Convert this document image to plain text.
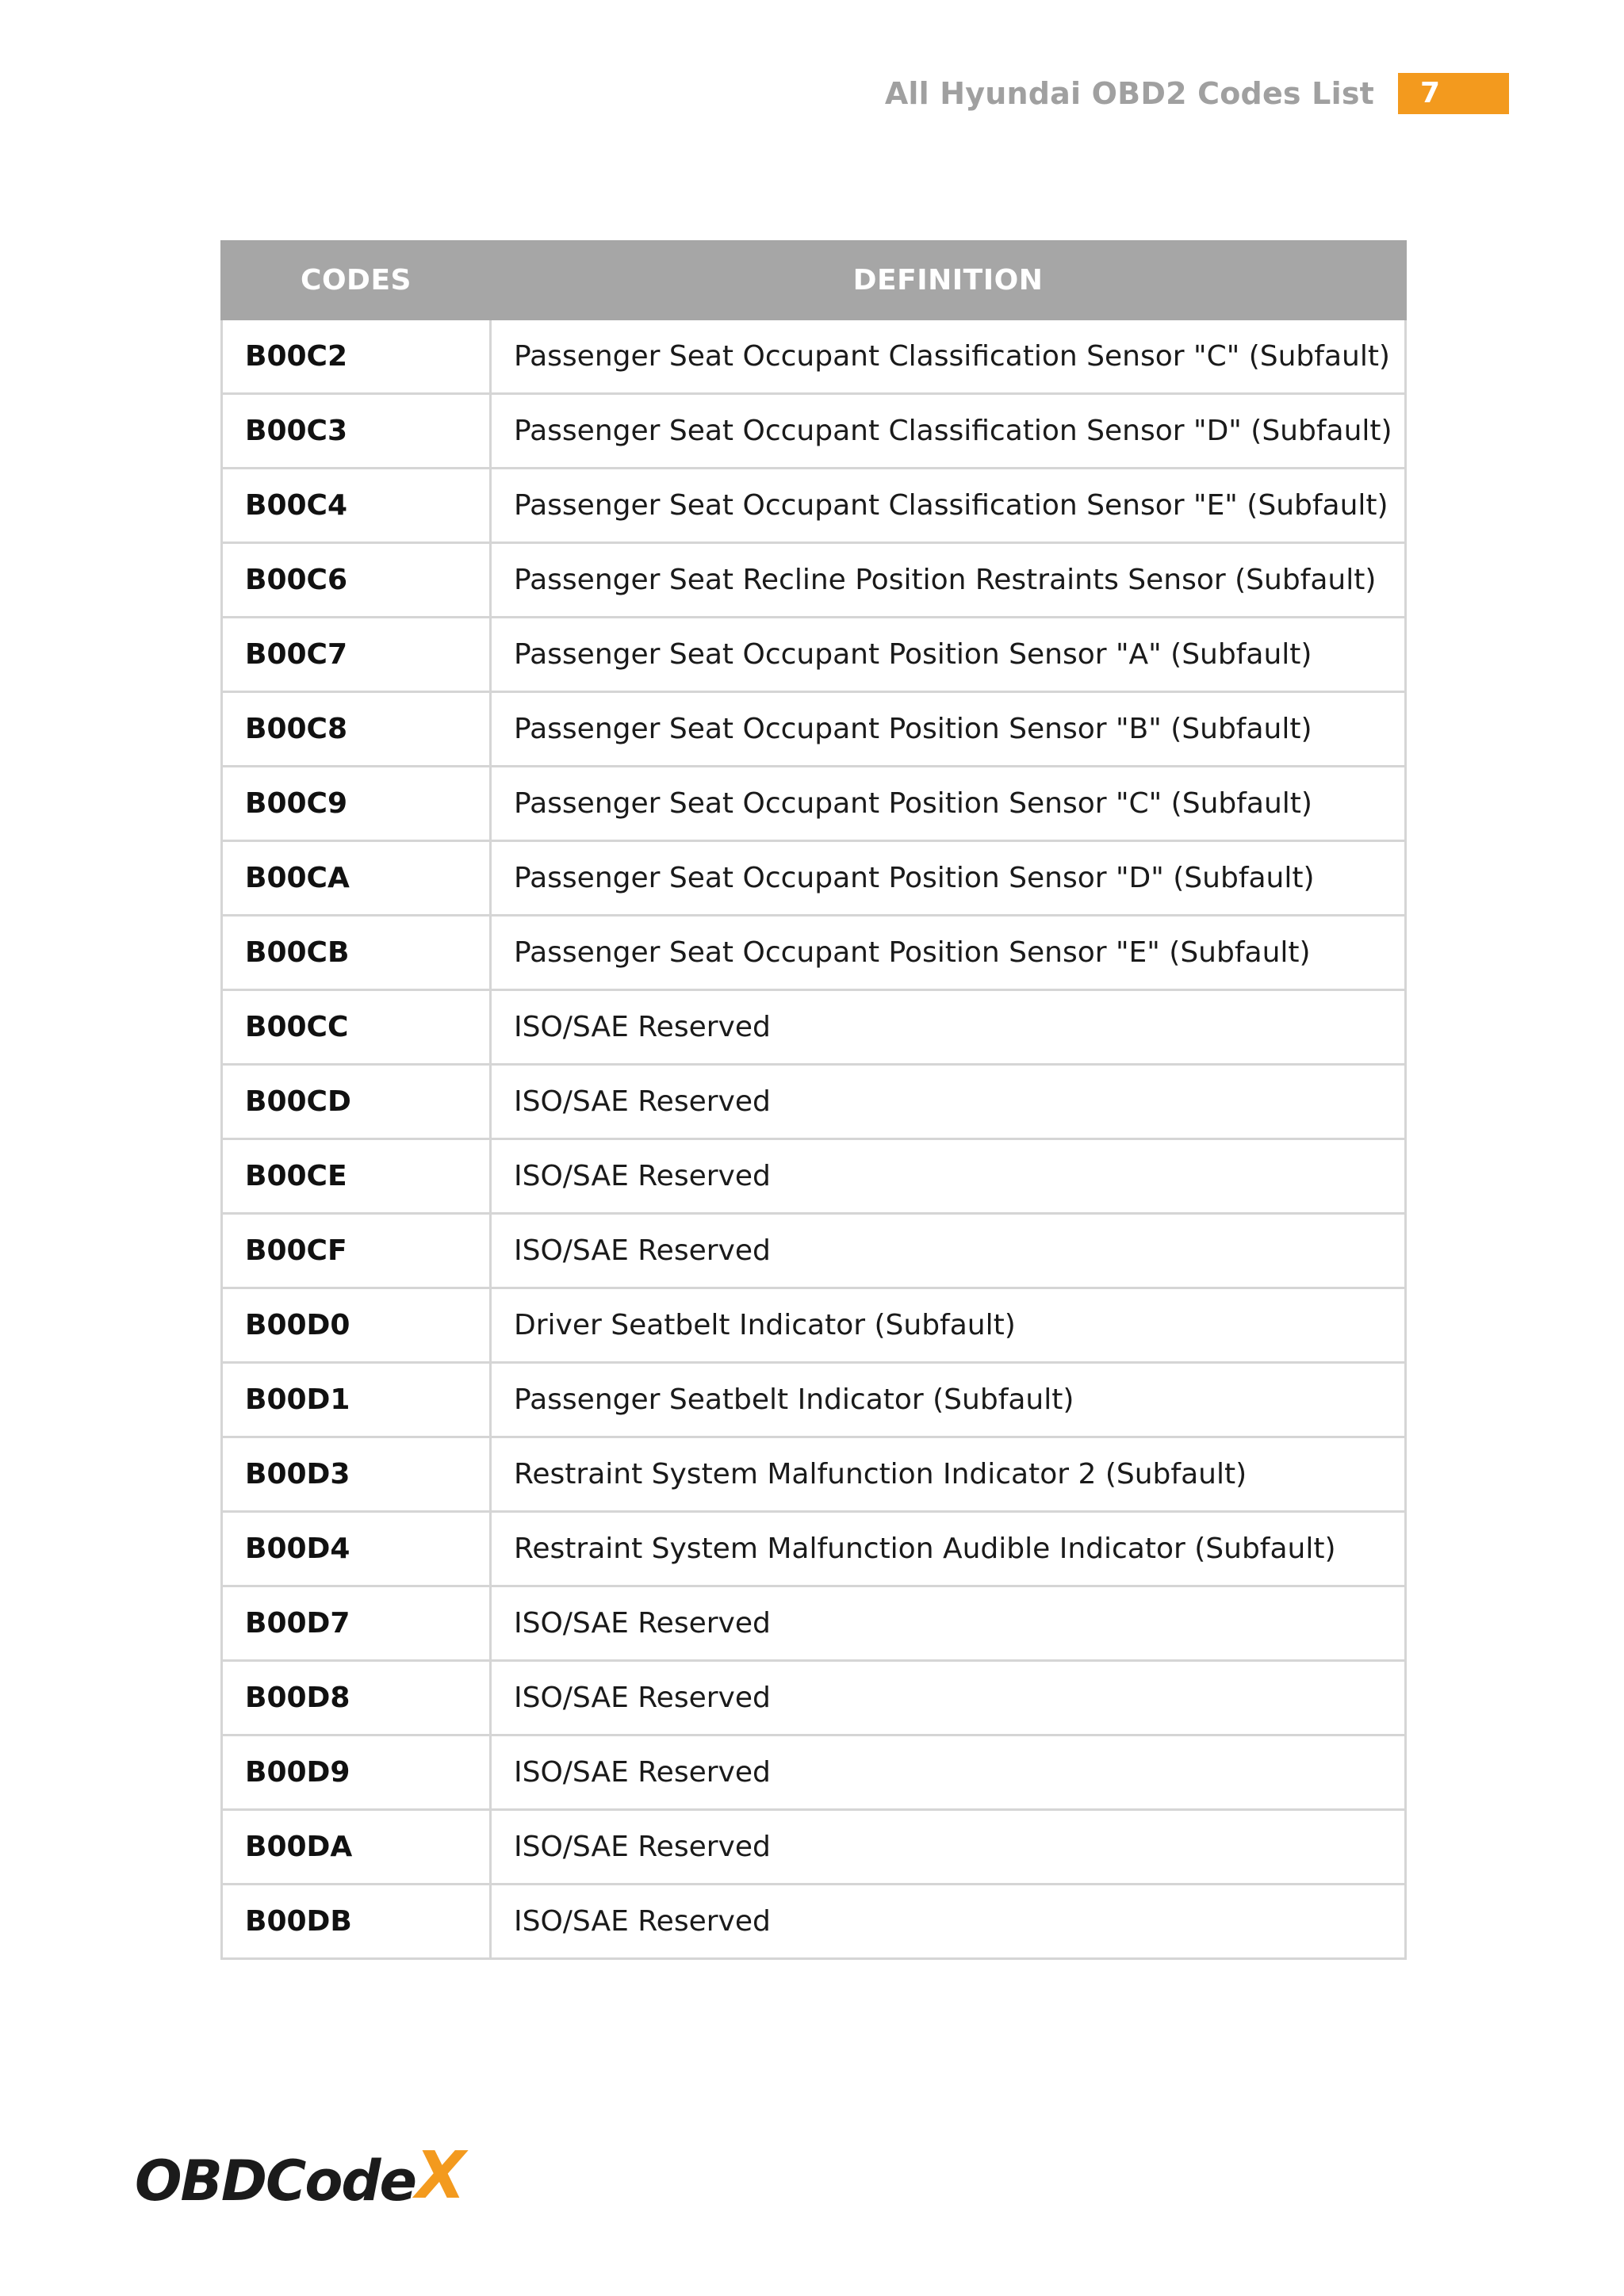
All Hyundai OBD2 Codes List	7
CODES	DEFINITION
B00C2	Passenger Seat Occupant Classification Sensor "C" (Subfault)
B00C3	Passenger Seat Occupant Classification Sensor "D" (Subfault)
B00C4	Passenger Seat Occupant Classification Sensor "E" (Subfault)
B00C6	Passenger Seat Recline Position Restraints Sensor (Subfault)
B00C7	Passenger Seat Occupant Position Sensor "A" (Subfault)
B00C8	Passenger Seat Occupant Position Sensor "B" (Subfault)
B00C9	Passenger Seat Occupant Position Sensor "C" (Subfault)
B00CA	Passenger Seat Occupant Position Sensor "D" (Subfault)
B00CB	Passenger Seat Occupant Position Sensor "E" (Subfault)
B00CC	ISO/SAE Reserved
B00CD	ISO/SAE Reserved
B00CE	ISO/SAE Reserved
B00CF	ISO/SAE Reserved
B00D0	Driver Seatbelt Indicator (Subfault)
B00D1	Passenger Seatbelt Indicator (Subfault)
B00D3	Restraint System Malfunction Indicator 2 (Subfault)
B00D4	Restraint System Malfunction Audible Indicator (Subfault)
B00D7	ISO/SAE Reserved
B00D8	ISO/SAE Reserved
B00D9	ISO/SAE Reserved
B00DA	ISO/SAE Reserved
B00DB	ISO/SAE Reserved
OBDCode X
